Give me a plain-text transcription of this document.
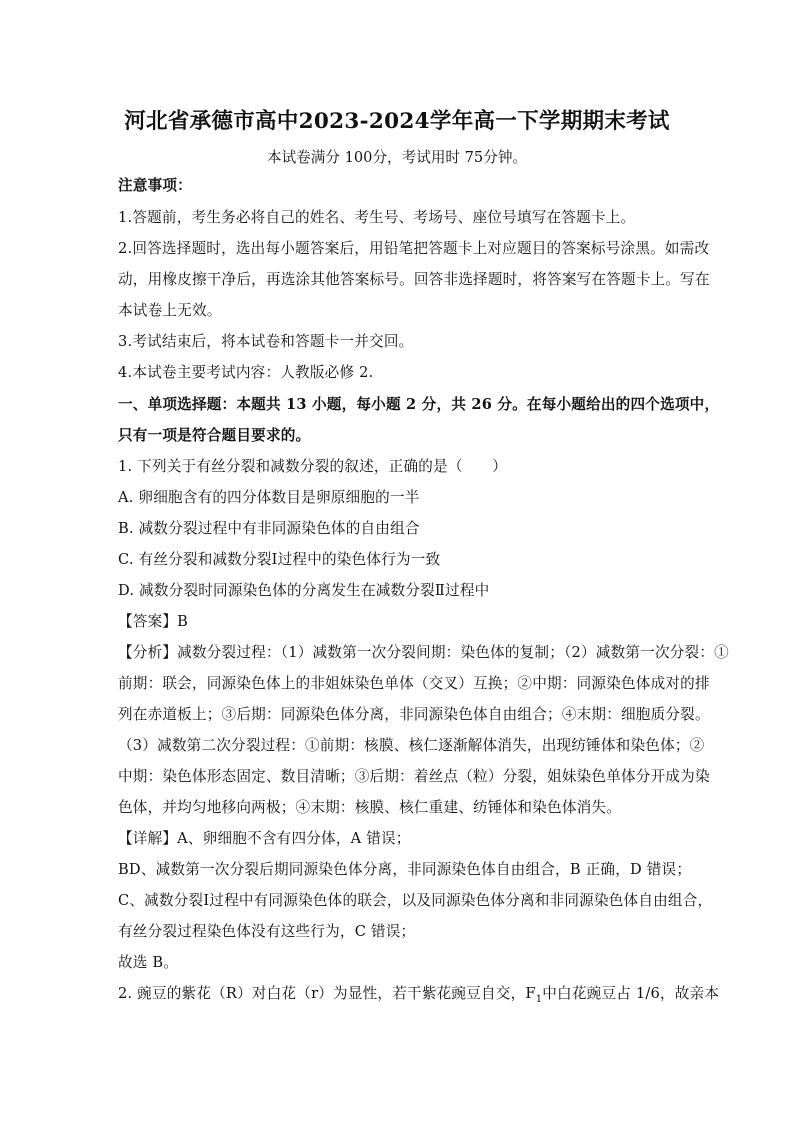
河北省承德市高中2023-2024学年高一下学期期末考试
本试卷满分 100分，考试用时 75分钟。
注意事项：
1.答题前，考生务必将自己的姓名、考生号、考场号、座位号填写在答题卡上。
2.回答选择题时，选出每小题答案后，用铅笔把答题卡上对应题目的答案标号涂黑。如需改
动，用橡皮擦干净后，再选涂其他答案标号。回答非选择题时，将答案写在答题卡上。写在
本试卷上无效。
3.考试结束后，将本试卷和答题卡一并交回。
4.本试卷主要考试内容：人教版必修 2.
一、单项选择题：本题共 13 小题，每小题 2 分，共 26 分。在每小题给出的四个选项中，
只有一项是符合题目要求的。
1. 下列关于有丝分裂和减数分裂的叙述，正确的是（　　）
A. 卵细胞含有的四分体数目是卵原细胞的一半
B. 减数分裂过程中有非同源染色体的自由组合
C. 有丝分裂和减数分裂Ⅰ过程中的染色体行为一致
D. 减数分裂时同源染色体的分离发生在减数分裂Ⅱ过程中
【答案】B
【分析】减数分裂过程：（1）减数第一次分裂间期：染色体的复制；（2）减数第一次分裂：①
前期：联会，同源染色体上的非姐妹染色单体（交叉）互换；②中期：同源染色体成对的排
列在赤道板上；③后期：同源染色体分离，非同源染色体自由组合；④末期：细胞质分裂。
（3）减数第二次分裂过程：①前期：核膜、核仁逐渐解体消失，出现纺锤体和染色体；②
中期：染色体形态固定、数目清晰；③后期：着丝点（粒）分裂，姐妹染色单体分开成为染
色体，并均匀地移向两极；④末期：核膜、核仁重建、纺锤体和染色体消失。
【详解】A、卵细胞不含有四分体，A 错误；
BD、减数第一次分裂后期同源染色体分离，非同源染色体自由组合，B 正确，D 错误；
C、减数分裂Ⅰ过程中有同源染色体的联会，以及同源染色体分离和非同源染色体自由组合，
有丝分裂过程染色体没有这些行为，C 错误；
故选 B。
2. 豌豆的紫花（R）对白花（r）为显性，若干紫花豌豆自交，$F_1$中白花豌豆占 1/6，故亲本
